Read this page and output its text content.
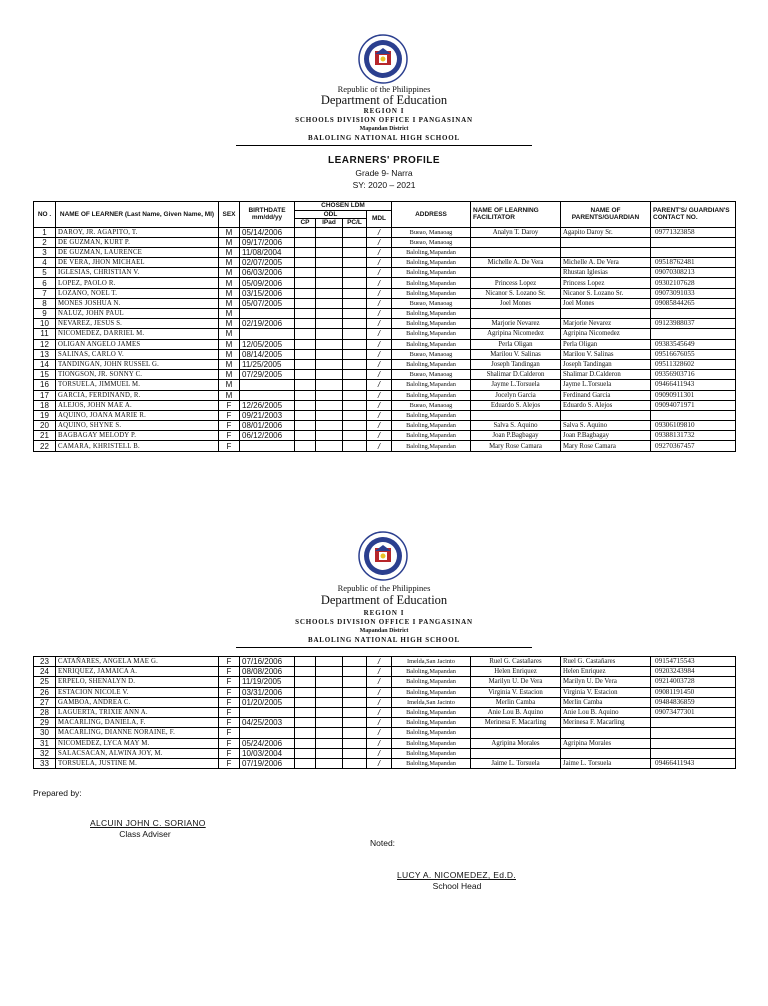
Republic of the Philippines
Department of Education
REGION I
SCHOOLS DIVISION OFFICE I PANGASINAN
Mapandan District
BALOLING NATIONAL HIGH SCHOOL
LEARNERS' PROFILE
Grade 9- Narra
SY: 2020 – 2021
NO .	NAME OF LEARNER (Last Name, Given Name, MI)	SEX	BIRTHDATE mm/dd/yy	CHOSEN LDM				ADDRESS	NAME OF LEARNING FACILITATOR	NAME OF PARENTS/GUARDIAN	PARENT'S/ GUARDIAN'S CONTACT NO.
				ODL			MDL				
				CP	IPad	PC/L					
1	DAROY, JR. AGAPITO, T.	M	05/14/2006				/	Bueao, Manaoag	Analyn T. Daroy	Agapito Daroy Sr.	09771323858
2	DE GUZMAN, KURT P.	M	09/17/2006				/	Bueao, Manaoag			
3	DE GUZMAN, LAURENCE	M	11/08/2004				/	Baloling,Mapandan			
4	DE VERA, JHON MICHAEL	M	02/07/2005				/	Baloling,Mapandan	Michelle A. De Vera	Michelle A. De Vera	09518762481
5	IGLESIAS, CHRISTIAN V.	M	06/03/2006				/	Baloling,Mapandan		Rhustan Iglesias	09070308213
6	LOPEZ, PAOLO R.	M	05/09/2006				/	Baloling,Mapandan	Princess Lopez	Princess Lopez	09302107628
7	LOZANO, NOEL T.	M	03/15/2006				/	Baloling,Mapandan	Nicanor S. Lozano Sr.	Nicanor S. Lozano Sr.	09073091033
8	MONES JOSHUA N.	M	05/07/2005				/	Bueao, Manaoag	Joel Mones	Joel Mones	09085844265
9	NALUZ, JOHN PAUL	M					/	Baloling,Mapandan			
10	NEVAREZ, JESUS S.	M	02/19/2006				/	Baloling,Mapandan	Marjorie Nevarez	Marjorie Nevarez	09123988037
11	NICOMEDEZ, DARRIEL M.	M					/	Baloling,Mapandan	Agripina Nicomedez	Agripina Nicomedez	
12	OLIGAN ANGELO JAMES	M	12/05/2005				/	Baloling,Mapandan	Perla Oligan	Perla Oligan	09383545649
13	SALINAS, CARLO V.	M	08/14/2005				/	Bueao, Manaoag	Marilou V. Salinas	Marilou V. Salinas	09516676055
14	TANDINGAN, JOHN RUSSEL G.	M	11/25/2005				/	Baloling,Mapandan	Joseph Tandingan	Joseph Tandingan	09511328602
15	TIONGSON, JR. SONNY C.	M	07/29/2005				/	Bueao, Manaoag	Shalimar D.Calderon	Shalimar D.Calderon	09356903716
16	TORSUELA, JIMMUEL M.	M					/	Baloling,Mapandan	Jayme L.Torsuela	Jayme L.Torsuela	09466411943
17	GARCIA, FERDINAND, R.	M					/	Baloling,Mapandan	Jocelyn Garcia	Ferdinand Garcia	09090911301
18	ALEJOS, JOHN MAE A.	F	12/26/2005				/	Bueao, Manaoag	Eduardo S. Alejos	Eduardo S. Alejos	09094071971
19	AQUINO, JOANA MARIE R.	F	09/21/2003				/	Baloling,Mapandan			
20	AQUINO, SHYNE S.	F	08/01/2006				/	Baloling,Mapandan	Salva S. Aquino	Salva S. Aquino	09306109810
21	BAGBAGAY MELODY P.	F	06/12/2006				/	Baloling,Mapandan	Joan P.Bagbagay	Joan P.Bagbagay	09388131732
22	CAMARA, KHRISTELL B.	F					/	Baloling,Mapandan	Mary Rose Camara	Mary Rose Camara	09270367457
Republic of the Philippines
Department of Education
REGION I
SCHOOLS DIVISION OFFICE I PANGASINAN
Mapandan District
BALOLING NATIONAL HIGH SCHOOL
23	CATAÑARES, ANGELA MAE G.	F	07/16/2006				/	Imelda,San Jacinto	Ruel G. Castañares	Ruel G. Castañares	09154715543
24	ENRIQUEZ, JAMAICA A.	F	08/08/2006				/	Baloling,Mapandan	Helen Enriquez	Helen Enriquez	09203243984
25	ERPELO, SHENALYN D.	F	11/19/2005				/	Baloling,Mapandan	Marilyn U. De Vera	Marilyn U. De Vera	09214003728
26	ESTACION NICOLE V.	F	03/31/2006				/	Baloling,Mapandan	Virginia V. Estacion	Virginia V. Estacion	09081191450
27	GAMBOA, ANDREA C.	F	01/20/2005				/	Imelda,San Jacinto	Merlin Camba	Merlin Camba	09484836859
28	LAGUERTA, TRIXIE ANN A.	F					/	Baloling,Mapandan	Anie Lou B. Aquino	Anie Lou B. Aquino	09073477301
29	MACARLING, DANIELA, F.	F	04/25/2003				/	Baloling,Mapandan	Merinesa F. Macarling	Merinesa F. Macarling	
30	MACARLING, DIANNE NORAINE, F.	F					/	Baloling,Mapandan			
31	NICOMEDEZ, LYCA MAY M.	F	05/24/2006				/	Baloling,Mapandan	Agripina Morales	Agripina Morales	
32	SALACSACAN, ALWINA JOY, M.	F	10/03/2004				/	Baloling,Mapandan			
33	TORSUELA, JUSTINE M.	F	07/19/2006				/	Baloling,Mapandan	Jaime L. Torsuela	Jaime L. Torsuela	09466411943
Prepared by:
ALCUIN JOHN C. SORIANO
Class Adviser
Noted:
LUCY A. NICOMEDEZ, Ed.D.
School Head
